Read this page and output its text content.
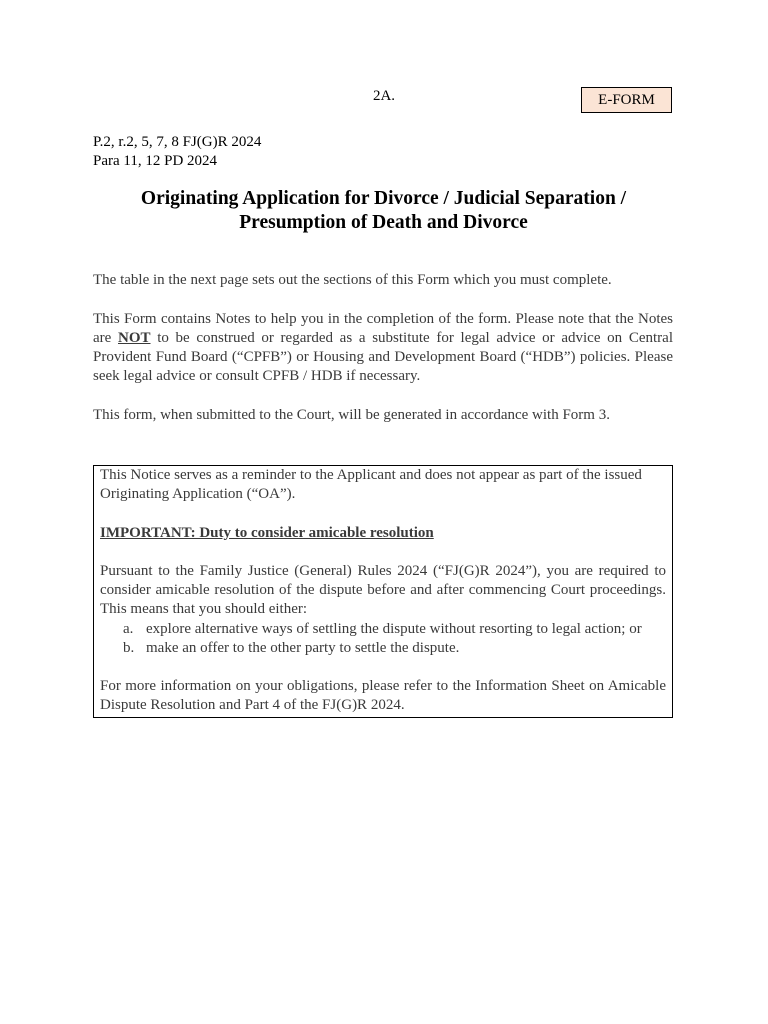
2A.	E-FORM
P.2, r.2, 5, 7, 8 FJ(G)R 2024
Para 11, 12 PD 2024
Originating Application for Divorce / Judicial Separation /
Presumption of Death and Divorce

The table in the next page sets out the sections of this Form which you must complete.

This Form contains Notes to help you in the completion of the form. Please note that the Notes are NOT to be construed or regarded as a substitute for legal advice or advice on Central Provident Fund Board (“CPFB”) or Housing and Development Board (“HDB”) policies. Please seek legal advice or consult CPFB / HDB if necessary.

This form, when submitted to the Court, will be generated in accordance with Form 3.

This Notice serves as a reminder to the Applicant and does not appear as part of the issued Originating Application (“OA”).

IMPORTANT: Duty to consider amicable resolution

Pursuant to the Family Justice (General) Rules 2024 (“FJ(G)R 2024”), you are required to consider amicable resolution of the dispute before and after commencing Court proceedings. This means that you should either:

a. explore alternative ways of settling the dispute without resorting to legal action; or
b. make an offer to the other party to settle the dispute.

For more information on your obligations, please refer to the Information Sheet on Amicable Dispute Resolution and Part 4 of the FJ(G)R 2024.
